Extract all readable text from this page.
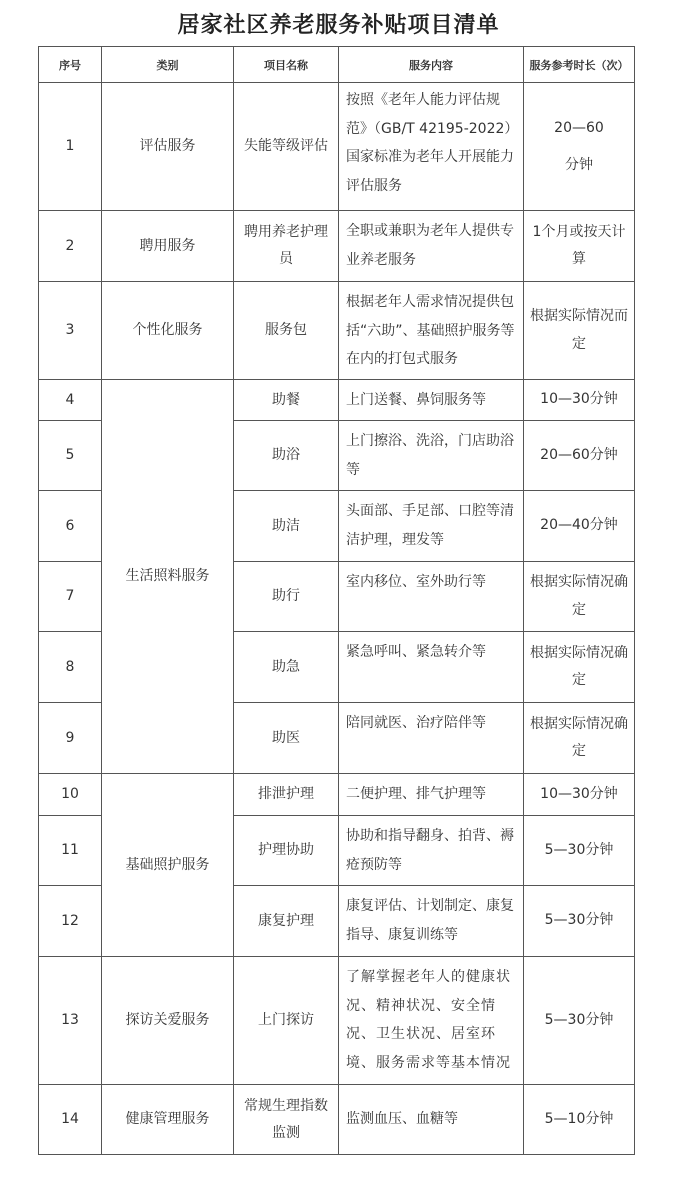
居家社区养老服务补贴项目清单
序号	类别	项目名称	服务内容	服务参考时长（次）
1	评估服务	失能等级评估	按照《老年人能力评估规范》（GB/T 42195-2022）国家标准为老年人开展能力评估服务	20—60
分钟

2	聘用服务	聘用养老护理员	全职或兼职为老年人提供专业养老服务	1个月或按天计算
3	个性化服务	服务包	根据老年人需求情况提供包括“六助”、基础照护服务等在内的打包式服务	根据实际情况而定
4	生活照料服务	助餐	上门送餐、鼻饲服务等	10—30分钟
5		助浴	上门擦浴、洗浴，门店助浴等	20—60分钟
6		助洁	头面部、手足部、口腔等清洁护理，理发等	20—40分钟
7		助行	室内移位、室外助行等	根据实际情况确定
8		助急	紧急呼叫、紧急转介等	根据实际情况确定
9		助医	陪同就医、治疗陪伴等	根据实际情况确定
10	基础照护服务	排泄护理	二便护理、排气护理等	10—30分钟
11		护理协助	协助和指导翻身、拍背、褥疮预防等	5—30分钟
12		康复护理	康复评估、计划制定、康复指导、康复训练等	5—30分钟
13	探访关爱服务	上门探访	了解掌握老年人的健康状况、精神状况、安全情况、卫生状况、居室环境、服务需求等基本情况	5—30分钟
14	健康管理服务	常规生理指数监测	监测血压、血糖等	5—10分钟
